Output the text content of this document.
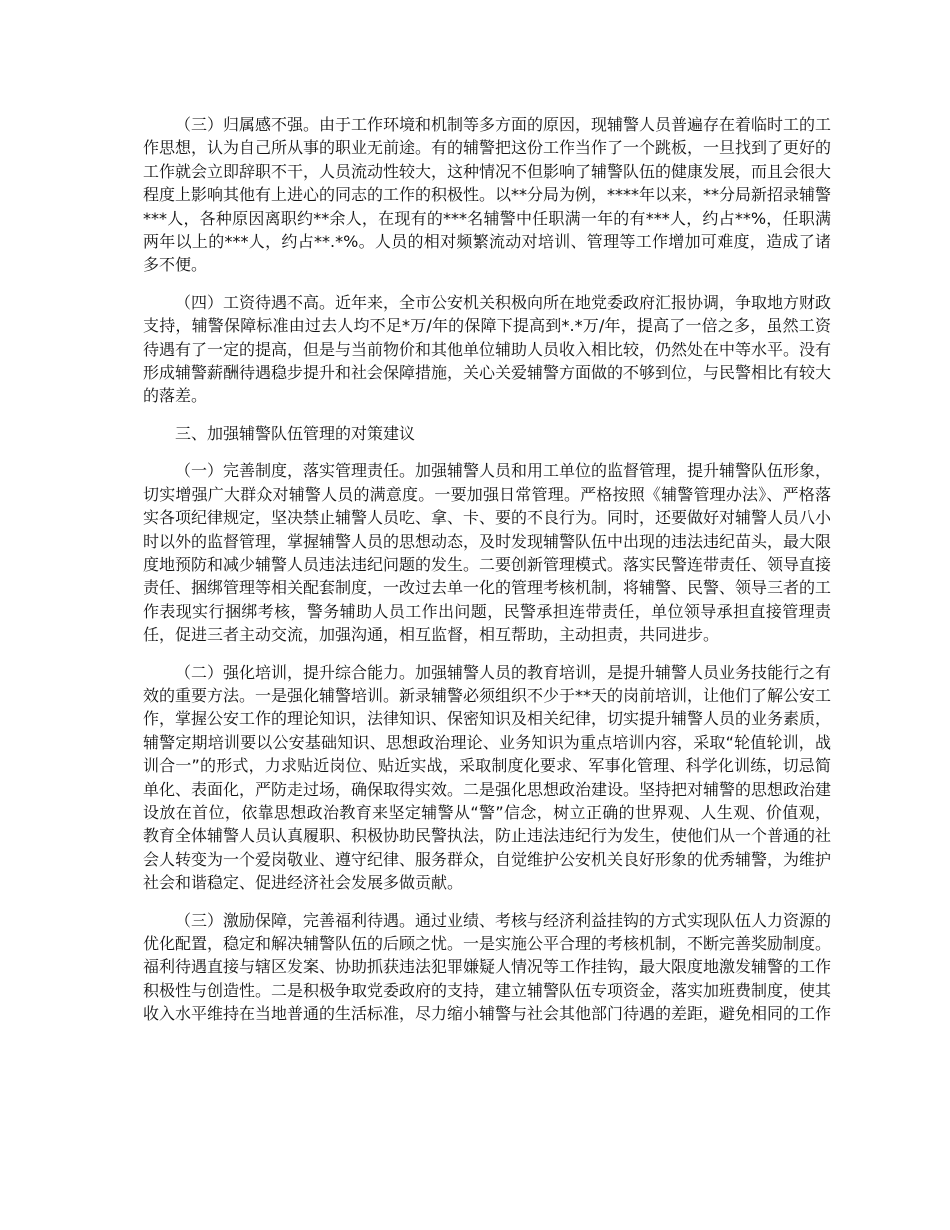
（三）归属感不强。由于工作环境和机制等多方面的原因，现辅警人员普遍存在着临时工的工作思想，认为自己所从事的职业无前途。有的辅警把这份工作当作了一个跳板，一旦找到了更好的工作就会立即辞职不干，人员流动性较大，这种情况不但影响了辅警队伍的健康发展，而且会很大程度上影响其他有上进心的同志的工作的积极性。以**分局为例，****年以来，**分局新招录辅警***人，各种原因离职约**余人，在现有的***名辅警中任职满一年的有***人，约占**%，任职满两年以上的***人，约占**.*%。人员的相对频繁流动对培训、管理等工作增加可难度，造成了诸多不便。

（四）工资待遇不高。近年来，全市公安机关积极向所在地党委政府汇报协调，争取地方财政支持，辅警保障标准由过去人均不足*万/年的保障下提高到*.*万/年，提高了一倍之多，虽然工资待遇有了一定的提高，但是与当前物价和其他单位辅助人员收入相比较，仍然处在中等水平。没有形成辅警薪酬待遇稳步提升和社会保障措施，关心关爱辅警方面做的不够到位，与民警相比有较大的落差。

三、加强辅警队伍管理的对策建议

（一）完善制度，落实管理责任。加强辅警人员和用工单位的监督管理，提升辅警队伍形象，切实增强广大群众对辅警人员的满意度。一要加强日常管理。严格按照《辅警管理办法》、严格落实各项纪律规定，坚决禁止辅警人员吃、拿、卡、要的不良行为。同时，还要做好对辅警人员八小时以外的监督管理，掌握辅警人员的思想动态，及时发现辅警队伍中出现的违法违纪苗头，最大限度地预防和减少辅警人员违法违纪问题的发生。二要创新管理模式。落实民警连带责任、领导直接责任、捆绑管理等相关配套制度，一改过去单一化的管理考核机制，将辅警、民警、领导三者的工作表现实行捆绑考核，警务辅助人员工作出问题，民警承担连带责任，单位领导承担直接管理责任，促进三者主动交流，加强沟通，相互监督，相互帮助，主动担责，共同进步。

（二）强化培训，提升综合能力。加强辅警人员的教育培训，是提升辅警人员业务技能行之有效的重要方法。一是强化辅警培训。新录辅警必须组织不少于**天的岗前培训，让他们了解公安工作，掌握公安工作的理论知识，法律知识、保密知识及相关纪律，切实提升辅警人员的业务素质，辅警定期培训要以公安基础知识、思想政治理论、业务知识为重点培训内容，采取“轮值轮训，战训合一”的形式，力求贴近岗位、贴近实战，采取制度化要求、军事化管理、科学化训练，切忌简单化、表面化，严防走过场，确保取得实效。二是强化思想政治建设。坚持把对辅警的思想政治建设放在首位，依靠思想政治教育来坚定辅警从“警”信念，树立正确的世界观、人生观、价值观，教育全体辅警人员认真履职、积极协助民警执法，防止违法违纪行为发生，使他们从一个普通的社会人转变为一个爱岗敬业、遵守纪律、服务群众，自觉维护公安机关良好形象的优秀辅警，为维护社会和谐稳定、促进经济社会发展多做贡献。

（三）激励保障，完善福利待遇。通过业绩、考核与经济利益挂钩的方式实现队伍人力资源的优化配置，稳定和解决辅警队伍的后顾之忧。一是实施公平合理的考核机制，不断完善奖励制度。福利待遇直接与辖区发案、协助抓获违法犯罪嫌疑人情况等工作挂钩，最大限度地激发辅警的工作积极性与创造性。二是积极争取党委政府的支持，建立辅警队伍专项资金，落实加班费制度，使其收入水平维持在当地普通的生活标准，尽力缩小辅警与社会其他部门待遇的差距，避免相同的工作
